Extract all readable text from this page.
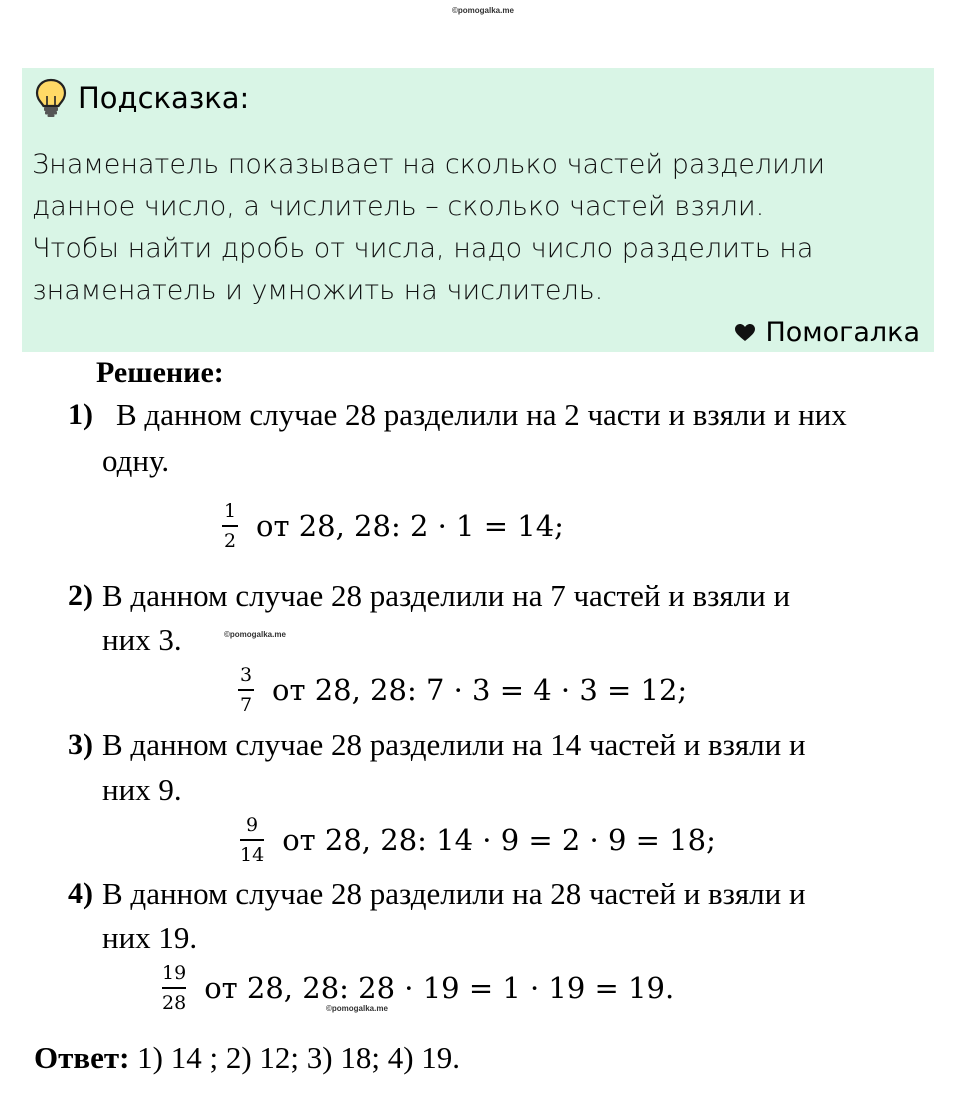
©pomogalka.me
Подсказка:
Знаменатель показывает на сколько частей разделили
данное число, а числитель – сколько частей взяли.
Чтобы найти дробь от числа, надо число разделить на
знаменатель и умножить на числитель.
Помогалка
Решение:
1) В данном случае 28 разделили на 2 части и взяли и них
одну.
$\frac{1}{2}$ от 28, 28: 2 · 1 = 14;
2) В данном случае 28 разделили на 7 частей и взяли и
них 3.	©pomogalka.me
$\frac{3}{7}$ от 28, 28: 7 · 3 = 4 · 3 = 12;
3) В данном случае 28 разделили на 14 частей и взяли и
них 9.
$\frac{9}{14}$ от 28, 28: 14 · 9 = 2 · 9 = 18;
4) В данном случае 28 разделили на 28 частей и взяли и
них 19.
$\frac{19}{28}$ от 28, 28: 28 · 19 = 1 · 19 = 19.
©pomogalka.me
Ответ: 1) 14 ; 2) 12; 3) 18; 4) 19.
